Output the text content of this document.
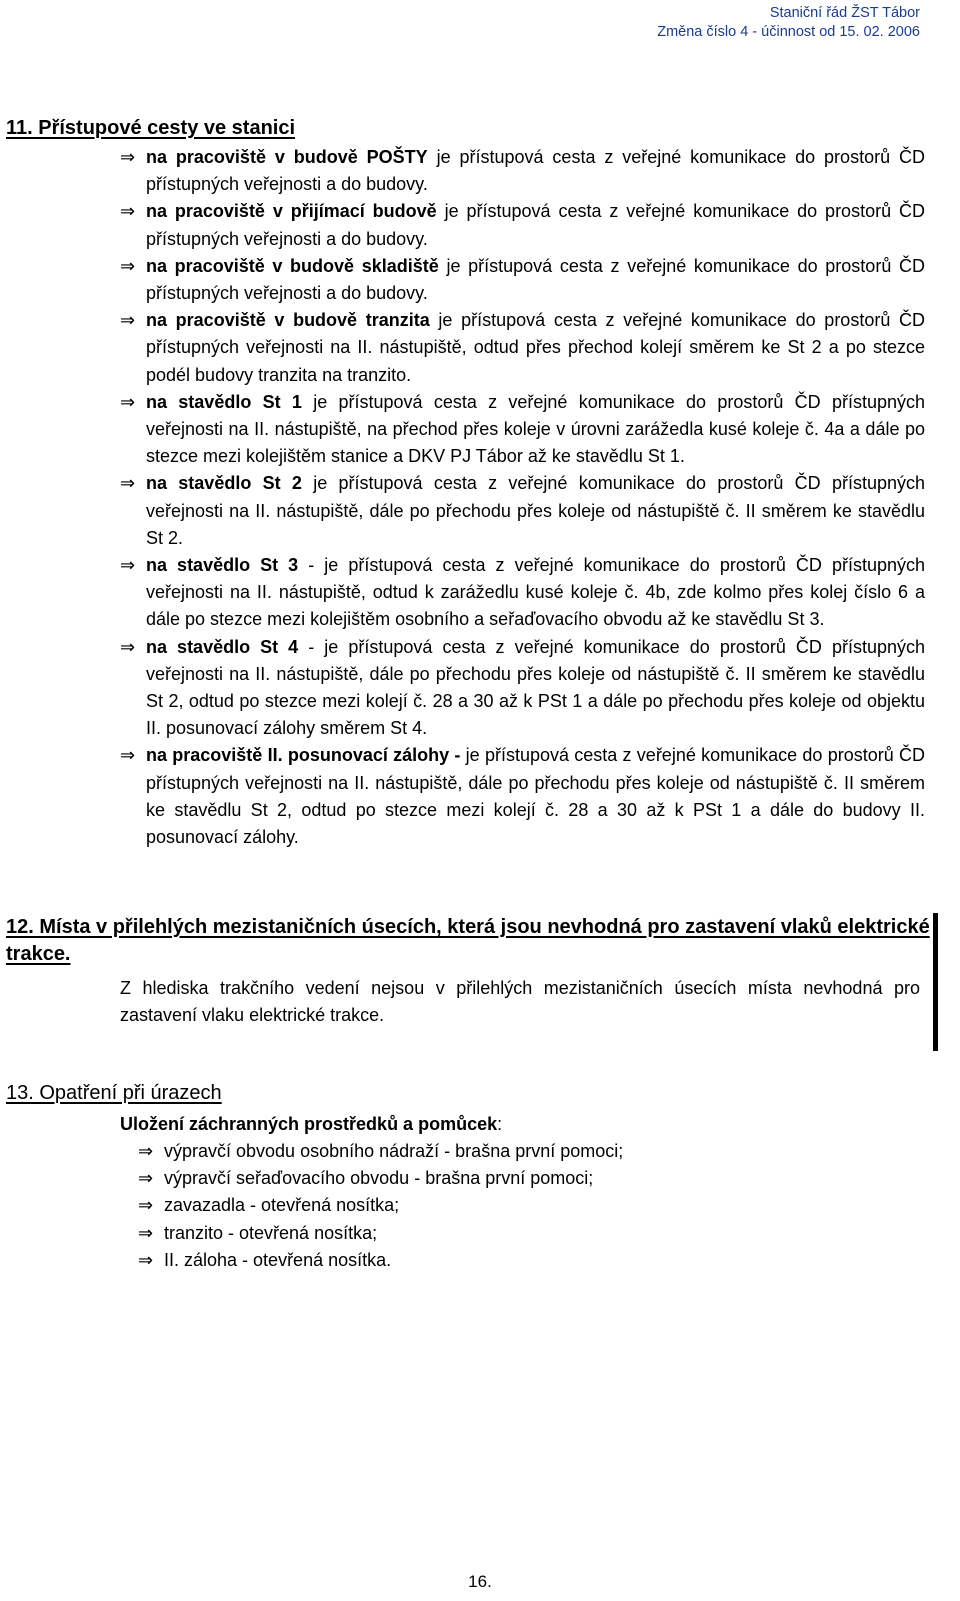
Staniční řád ŽST Tábor
Změna číslo 4 - účinnost od 15. 02. 2006
11. Přístupové cesty ve stanici
⇒ na pracoviště v budově POŠTY je přístupová cesta z veřejné komunikace do prostorů ČD přístupných veřejnosti a do budovy.

⇒ na pracoviště v přijímací budově je přístupová cesta z veřejné komunikace do prostorů ČD přístupných veřejnosti a do budovy.

⇒ na pracoviště v budově skladiště je přístupová cesta z veřejné komunikace do prostorů ČD přístupných veřejnosti a do budovy.

⇒ na pracoviště v budově tranzita je přístupová cesta z veřejné komunikace do prostorů ČD přístupných veřejnosti na II. nástupiště, odtud přes přechod kolejí směrem ke St 2 a po stezce podél budovy tranzita na tranzito.

⇒ na stavědlo St 1 je přístupová cesta z veřejné komunikace do prostorů ČD přístupných veřejnosti na II. nástupiště, na přechod přes koleje v úrovni zarážedla kusé koleje č. 4a a dále po stezce mezi kolejištěm stanice a DKV PJ Tábor až ke stavědlu St 1.

⇒ na stavědlo St 2 je přístupová cesta z veřejné komunikace do prostorů ČD přístupných veřejnosti na II. nástupiště, dále po přechodu přes koleje od nástupiště č. II směrem ke stavědlu St 2.

⇒ na stavědlo St 3 - je přístupová cesta z veřejné komunikace do prostorů ČD přístupných veřejnosti na II. nástupiště, odtud k zarážedlu kusé koleje č. 4b, zde kolmo přes kolej číslo 6 a dále po stezce mezi kolejištěm osobního a seřaďovacího obvodu až ke stavědlu St 3.

⇒ na stavědlo St 4 - je přístupová cesta z veřejné komunikace do prostorů ČD přístupných veřejnosti na II. nástupiště, dále po přechodu přes koleje od nástupiště č. II směrem ke stavědlu St 2, odtud po stezce mezi kolejí č. 28 a 30 až k PSt 1 a dále po přechodu přes koleje od objektu II. posunovací zálohy směrem St 4.

⇒ na pracoviště II. posunovací zálohy - je přístupová cesta z veřejné komunikace do prostorů ČD přístupných veřejnosti na II. nástupiště, dále po přechodu přes koleje od nástupiště č. II směrem ke stavědlu St 2, odtud po stezce mezi kolejí č. 28 a 30 až k PSt 1 a dále do budovy II. posunovací zálohy.

12. Místa v přilehlých mezistaničních úsecích, která jsou nevhodná pro zastavení vlaků elektrické trakce.
Z hlediska trakčního vedení nejsou v přilehlých mezistaničních úsecích místa nevhodná pro zastavení vlaku elektrické trakce.
13. Opatření při úrazech
Uložení záchranných prostředků a pomůcek:
⇒ výpravčí obvodu osobního nádraží - brašna první pomoci;
⇒ výpravčí seřaďovacího obvodu - brašna první pomoci;
⇒ zavazadla - otevřená nosítka;
⇒ tranzito - otevřená nosítka;
⇒ II. záloha - otevřená nosítka.
16.
